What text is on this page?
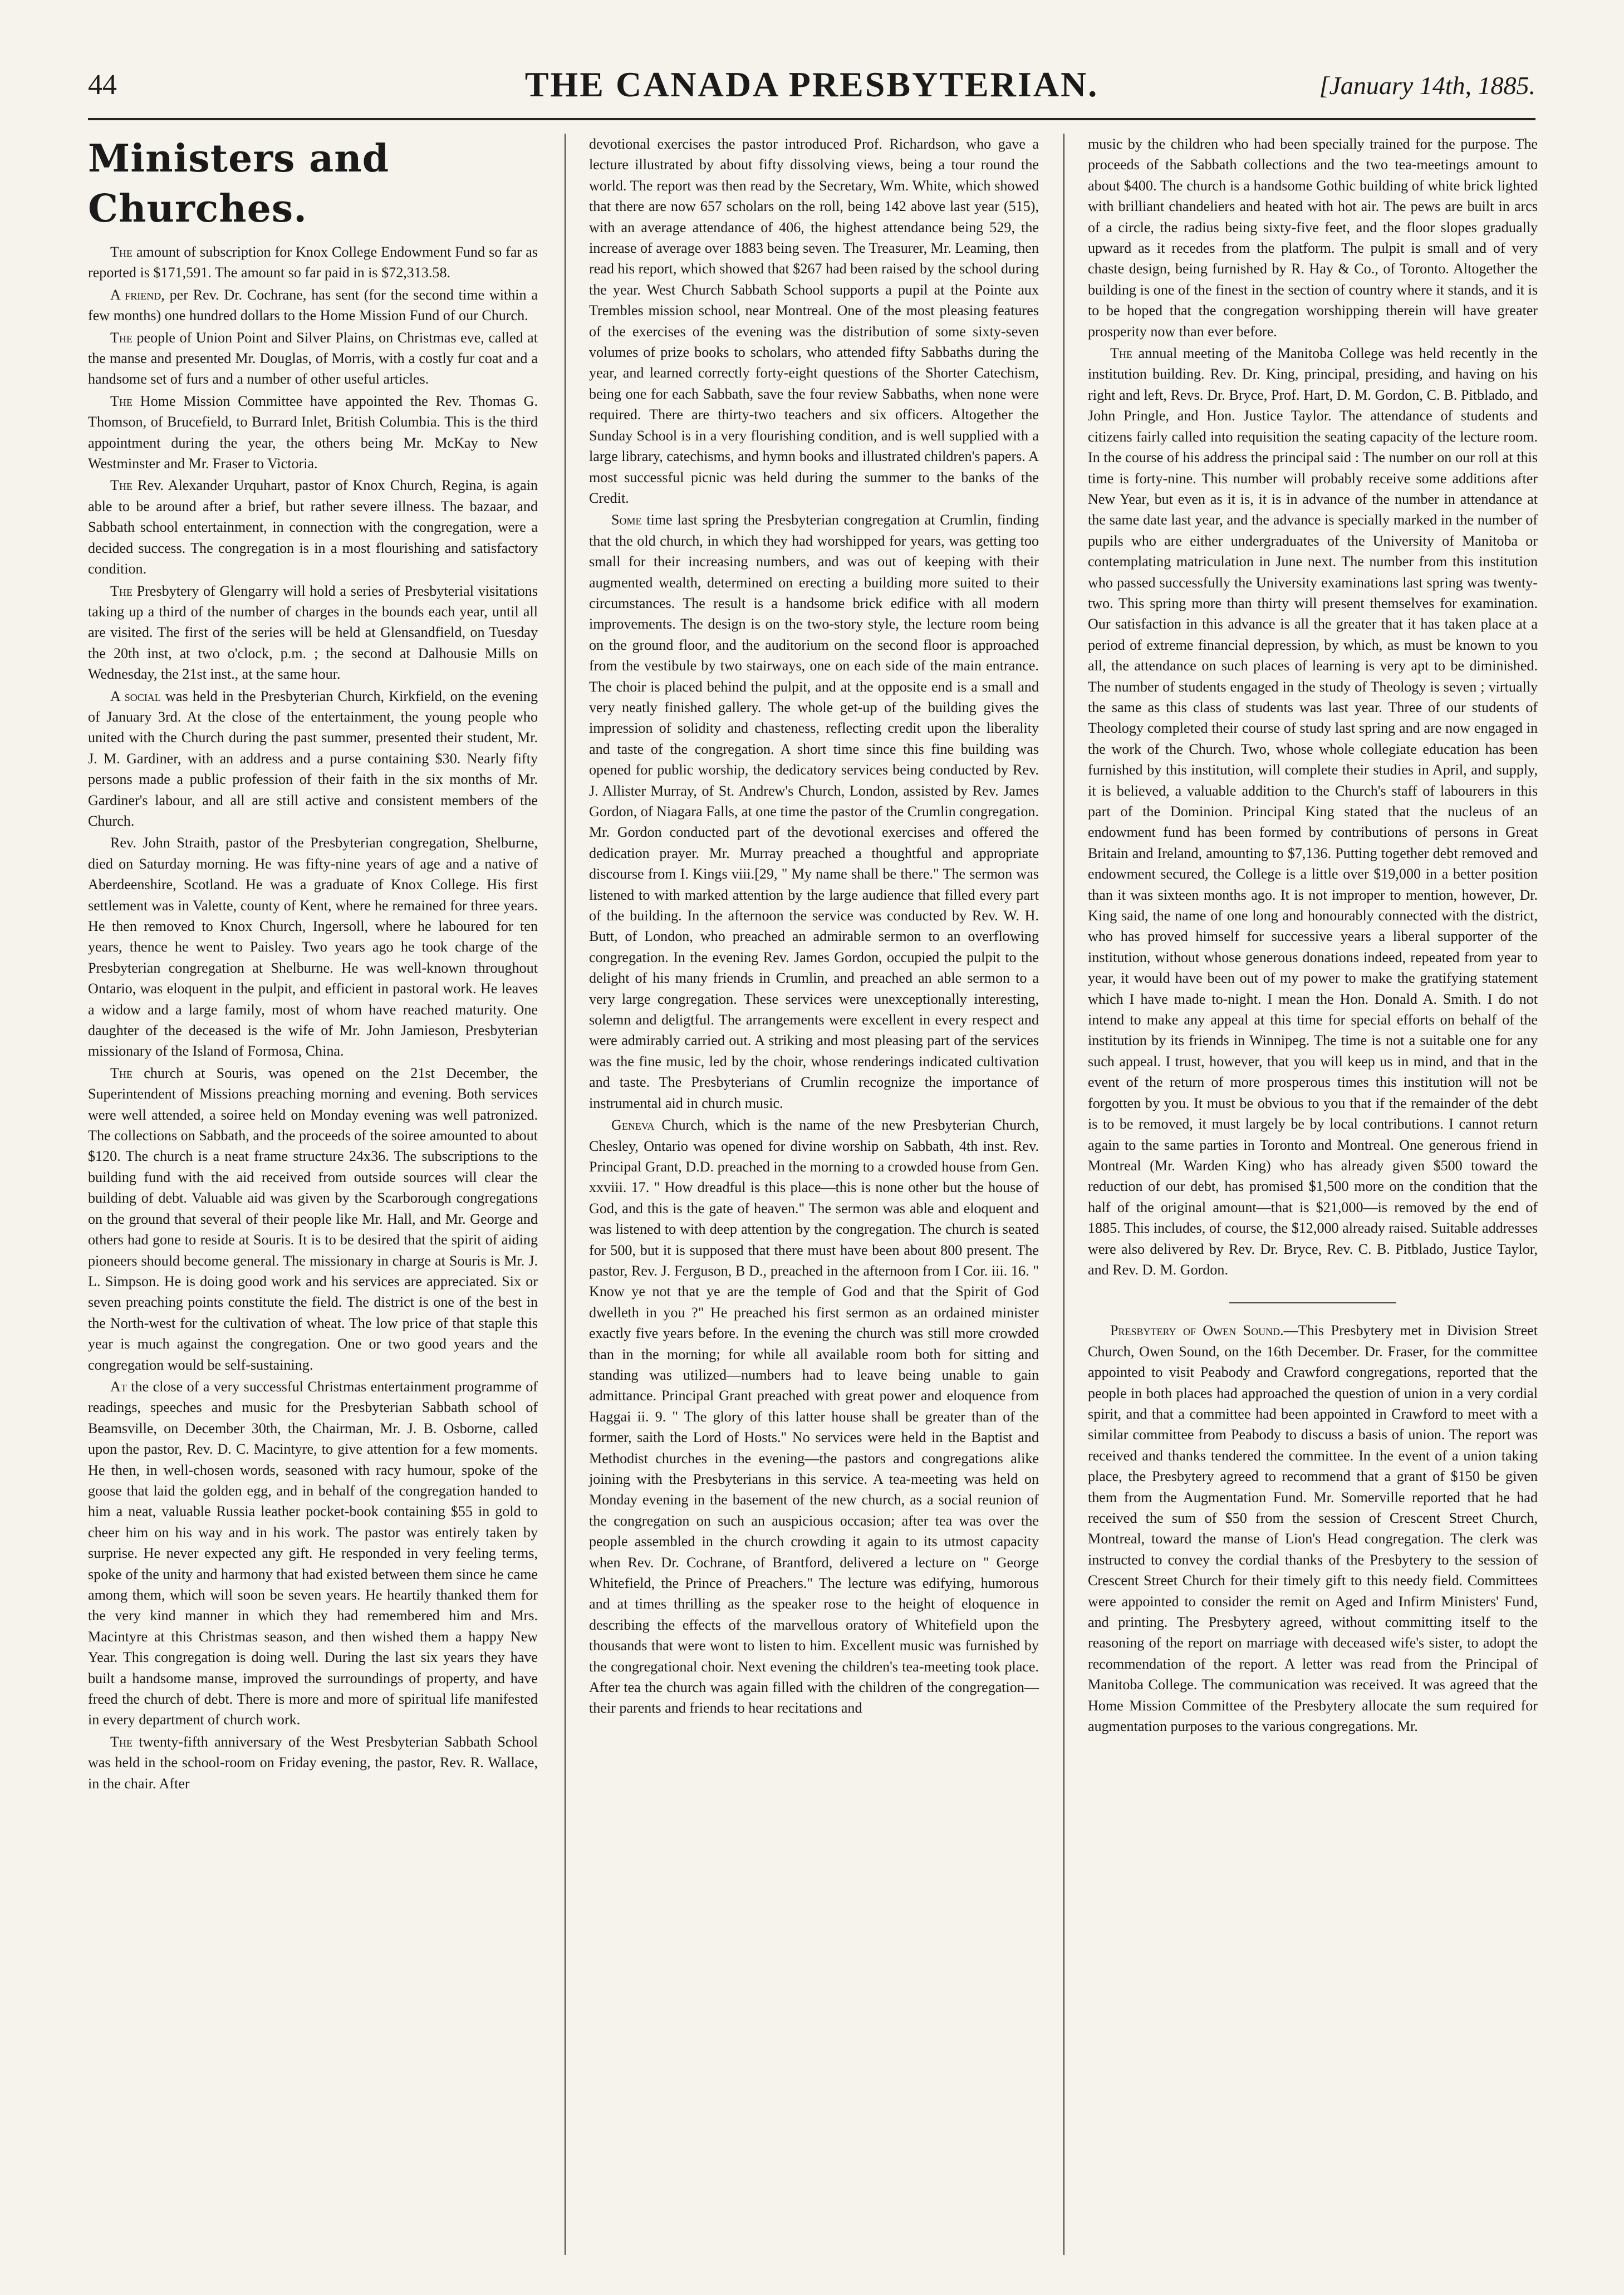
44	THE CANADA PRESBYTERIAN.	[January 14th, 1885.
Ministers and Churches.

The amount of subscription for Knox College Endowment Fund so far as reported is $171,591. The amount so far paid in is $72,313.58.

A friend, per Rev. Dr. Cochrane, has sent (for the second time within a few months) one hundred dollars to the Home Mission Fund of our Church.

The people of Union Point and Silver Plains, on Christmas eve, called at the manse and presented Mr. Douglas, of Morris, with a costly fur coat and a handsome set of furs and a number of other useful articles.

The Home Mission Committee have appointed the Rev. Thomas G. Thomson, of Brucefield, to Burrard Inlet, British Columbia. This is the third appointment during the year, the others being Mr. McKay to New Westminster and Mr. Fraser to Victoria.

The Rev. Alexander Urquhart, pastor of Knox Church, Regina, is again able to be around after a brief, but rather severe illness. The bazaar, and Sabbath school entertainment, in connection with the congregation, were a decided success. The congregation is in a most flourishing and satisfactory condition.

The Presbytery of Glengarry will hold a series of Presbyterial visitations taking up a third of the number of charges in the bounds each year, until all are visited. The first of the series will be held at Glensandfield, on Tuesday the 20th inst, at two o'clock, p.m. ; the second at Dalhousie Mills on Wednesday, the 21st inst., at the same hour.

A social was held in the Presbyterian Church, Kirkfield, on the evening of January 3rd. At the close of the entertainment, the young people who united with the Church during the past summer, presented their student, Mr. J. M. Gardiner, with an address and a purse containing $30. Nearly fifty persons made a public profession of their faith in the six months of Mr. Gardiner's labour, and all are still active and consistent members of the Church.

Rev. John Straith, pastor of the Presbyterian congregation, Shelburne, died on Saturday morning. He was fifty-nine years of age and a native of Aberdeenshire, Scotland. He was a graduate of Knox College. His first settlement was in Valette, county of Kent, where he remained for three years. He then removed to Knox Church, Ingersoll, where he laboured for ten years, thence he went to Paisley. Two years ago he took charge of the Presbyterian congregation at Shelburne. He was well-known throughout Ontario, was eloquent in the pulpit, and efficient in pastoral work. He leaves a widow and a large family, most of whom have reached maturity. One daughter of the deceased is the wife of Mr. John Jamieson, Presbyterian missionary of the Island of Formosa, China.

The church at Souris, was opened on the 21st December, the Superintendent of Missions preaching morning and evening. Both services were well attended, a soiree held on Monday evening was well patronized. The collections on Sabbath, and the proceeds of the soiree amounted to about $120. The church is a neat frame structure 24x36. The subscriptions to the building fund with the aid received from outside sources will clear the building of debt. Valuable aid was given by the Scarborough congregations on the ground that several of their people like Mr. Hall, and Mr. George and others had gone to reside at Souris. It is to be desired that the spirit of aiding pioneers should become general. The missionary in charge at Souris is Mr. J. L. Simpson. He is doing good work and his services are appreciated. Six or seven preaching points constitute the field. The district is one of the best in the North-west for the cultivation of wheat. The low price of that staple this year is much against the congregation. One or two good years and the congregation would be self-sustaining.

At the close of a very successful Christmas entertainment programme of readings, speeches and music for the Presbyterian Sabbath school of Beamsville, on December 30th, the Chairman, Mr. J. B. Osborne, called upon the pastor, Rev. D. C. Macintyre, to give attention for a few moments. He then, in well-chosen words, seasoned with racy humour, spoke of the goose that laid the golden egg, and in behalf of the congregation handed to him a neat, valuable Russia leather pocket-book containing $55 in gold to cheer him on his way and in his work. The pastor was entirely taken by surprise. He never expected any gift. He responded in very feeling terms, spoke of the unity and harmony that had existed between them since he came among them, which will soon be seven years. He heartily thanked them for the very kind manner in which they had remembered him and Mrs. Macintyre at this Christmas season, and then wished them a happy New Year. This congregation is doing well. During the last six years they have built a handsome manse, improved the surroundings of property, and have freed the church of debt. There is more and more of spiritual life manifested in every department of church work.

The twenty-fifth anniversary of the West Presbyterian Sabbath School was held in the school-room on Friday evening, the pastor, Rev. R. Wallace, in the chair. After

devotional exercises the pastor introduced Prof. Richardson, who gave a lecture illustrated by about fifty dissolving views, being a tour round the world. The report was then read by the Secretary, Wm. White, which showed that there are now 657 scholars on the roll, being 142 above last year (515), with an average attendance of 406, the highest attendance being 529, the increase of average over 1883 being seven. The Treasurer, Mr. Leaming, then read his report, which showed that $267 had been raised by the school during the year. West Church Sabbath School supports a pupil at the Pointe aux Trembles mission school, near Montreal. One of the most pleasing features of the exercises of the evening was the distribution of some sixty-seven volumes of prize books to scholars, who attended fifty Sabbaths during the year, and learned correctly forty-eight questions of the Shorter Catechism, being one for each Sabbath, save the four review Sabbaths, when none were required. There are thirty-two teachers and six officers. Altogether the Sunday School is in a very flourishing condition, and is well supplied with a large library, catechisms, and hymn books and illustrated children's papers. A most successful picnic was held during the summer to the banks of the Credit.

Some time last spring the Presbyterian congregation at Crumlin, finding that the old church, in which they had worshipped for years, was getting too small for their increasing numbers, and was out of keeping with their augmented wealth, determined on erecting a building more suited to their circumstances. The result is a handsome brick edifice with all modern improvements. The design is on the two-story style, the lecture room being on the ground floor, and the auditorium on the second floor is approached from the vestibule by two stairways, one on each side of the main entrance. The choir is placed behind the pulpit, and at the opposite end is a small and very neatly finished gallery. The whole get-up of the building gives the impression of solidity and chasteness, reflecting credit upon the liberality and taste of the congregation. A short time since this fine building was opened for public worship, the dedicatory services being conducted by Rev. J. Allister Murray, of St. Andrew's Church, London, assisted by Rev. James Gordon, of Niagara Falls, at one time the pastor of the Crumlin congregation. Mr. Gordon conducted part of the devotional exercises and offered the dedication prayer. Mr. Murray preached a thoughtful and appropriate discourse from I. Kings viii.[29, " My name shall be there." The sermon was listened to with marked attention by the large audience that filled every part of the building. In the afternoon the service was conducted by Rev. W. H. Butt, of London, who preached an admirable sermon to an overflowing congregation. In the evening Rev. James Gordon, occupied the pulpit to the delight of his many friends in Crumlin, and preached an able sermon to a very large congregation. These services were unexceptionally interesting, solemn and deligtful. The arrangements were excellent in every respect and were admirably carried out. A striking and most pleasing part of the services was the fine music, led by the choir, whose renderings indicated cultivation and taste. The Presbyterians of Crumlin recognize the importance of instrumental aid in church music.

Geneva Church, which is the name of the new Presbyterian Church, Chesley, Ontario was opened for divine worship on Sabbath, 4th inst. Rev. Principal Grant, D.D. preached in the morning to a crowded house from Gen. xxviii. 17. " How dreadful is this place—this is none other but the house of God, and this is the gate of heaven." The sermon was able and eloquent and was listened to with deep attention by the congregation. The church is seated for 500, but it is supposed that there must have been about 800 present. The pastor, Rev. J. Ferguson, B D., preached in the afternoon from I Cor. iii. 16. " Know ye not that ye are the temple of God and that the Spirit of God dwelleth in you ?" He preached his first sermon as an ordained minister exactly five years before. In the evening the church was still more crowded than in the morning; for while all available room both for sitting and standing was utilized—numbers had to leave being unable to gain admittance. Principal Grant preached with great power and eloquence from Haggai ii. 9. " The glory of this latter house shall be greater than of the former, saith the Lord of Hosts." No services were held in the Baptist and Methodist churches in the evening—the pastors and congregations alike joining with the Presbyterians in this service. A tea-meeting was held on Monday evening in the basement of the new church, as a social reunion of the congregation on such an auspicious occasion; after tea was over the people assembled in the church crowding it again to its utmost capacity when Rev. Dr. Cochrane, of Brantford, delivered a lecture on " George Whitefield, the Prince of Preachers." The lecture was edifying, humorous and at times thrilling as the speaker rose to the height of eloquence in describing the effects of the marvellous oratory of Whitefield upon the thousands that were wont to listen to him. Excellent music was furnished by the congregational choir. Next evening the children's tea-meeting took place. After tea the church was again filled with the children of the congregation—their parents and friends to hear recitations and

music by the children who had been specially trained for the purpose. The proceeds of the Sabbath collections and the two tea-meetings amount to about $400. The church is a handsome Gothic building of white brick lighted with brilliant chandeliers and heated with hot air. The pews are built in arcs of a circle, the radius being sixty-five feet, and the floor slopes gradually upward as it recedes from the platform. The pulpit is small and of very chaste design, being furnished by R. Hay & Co., of Toronto. Altogether the building is one of the finest in the section of country where it stands, and it is to be hoped that the congregation worshipping therein will have greater prosperity now than ever before.

The annual meeting of the Manitoba College was held recently in the institution building. Rev. Dr. King, principal, presiding, and having on his right and left, Revs. Dr. Bryce, Prof. Hart, D. M. Gordon, C. B. Pitblado, and John Pringle, and Hon. Justice Taylor. The attendance of students and citizens fairly called into requisition the seating capacity of the lecture room. In the course of his address the principal said : The number on our roll at this time is forty-nine. This number will probably receive some additions after New Year, but even as it is, it is in advance of the number in attendance at the same date last year, and the advance is specially marked in the number of pupils who are either undergraduates of the University of Manitoba or contemplating matriculation in June next. The number from this institution who passed successfully the University examinations last spring was twenty-two. This spring more than thirty will present themselves for examination. Our satisfaction in this advance is all the greater that it has taken place at a period of extreme financial depression, by which, as must be known to you all, the attendance on such places of learning is very apt to be diminished. The number of students engaged in the study of Theology is seven ; virtually the same as this class of students was last year. Three of our students of Theology completed their course of study last spring and are now engaged in the work of the Church. Two, whose whole collegiate education has been furnished by this institution, will complete their studies in April, and supply, it is believed, a valuable addition to the Church's staff of labourers in this part of the Dominion. Principal King stated that the nucleus of an endowment fund has been formed by contributions of persons in Great Britain and Ireland, amounting to $7,136. Putting together debt removed and endowment secured, the College is a little over $19,000 in a better position than it was sixteen months ago. It is not improper to mention, however, Dr. King said, the name of one long and honourably connected with the district, who has proved himself for successive years a liberal supporter of the institution, without whose generous donations indeed, repeated from year to year, it would have been out of my power to make the gratifying statement which I have made to-night. I mean the Hon. Donald A. Smith. I do not intend to make any appeal at this time for special efforts on behalf of the institution by its friends in Winnipeg. The time is not a suitable one for any such appeal. I trust, however, that you will keep us in mind, and that in the event of the return of more prosperous times this institution will not be forgotten by you. It must be obvious to you that if the remainder of the debt is to be removed, it must largely be by local contributions. I cannot return again to the same parties in Toronto and Montreal. One generous friend in Montreal (Mr. Warden King) who has already given $500 toward the reduction of our debt, has promised $1,500 more on the condition that the half of the original amount—that is $21,000—is removed by the end of 1885. This includes, of course, the $12,000 already raised. Suitable addresses were also delivered by Rev. Dr. Bryce, Rev. C. B. Pitblado, Justice Taylor, and Rev. D. M. Gordon.

Presbytery of Owen Sound.—This Presbytery met in Division Street Church, Owen Sound, on the 16th December. Dr. Fraser, for the committee appointed to visit Peabody and Crawford congregations, reported that the people in both places had approached the question of union in a very cordial spirit, and that a committee had been appointed in Crawford to meet with a similar committee from Peabody to discuss a basis of union. The report was received and thanks tendered the committee. In the event of a union taking place, the Presbytery agreed to recommend that a grant of $150 be given them from the Augmentation Fund. Mr. Somerville reported that he had received the sum of $50 from the session of Crescent Street Church, Montreal, toward the manse of Lion's Head congregation. The clerk was instructed to convey the cordial thanks of the Presbytery to the session of Crescent Street Church for their timely gift to this needy field. Committees were appointed to consider the remit on Aged and Infirm Ministers' Fund, and printing. The Presbytery agreed, without committing itself to the reasoning of the report on marriage with deceased wife's sister, to adopt the recommendation of the report. A letter was read from the Principal of Manitoba College. The communication was received. It was agreed that the Home Mission Committee of the Presbytery allocate the sum required for augmentation purposes to the various congregations. Mr.
